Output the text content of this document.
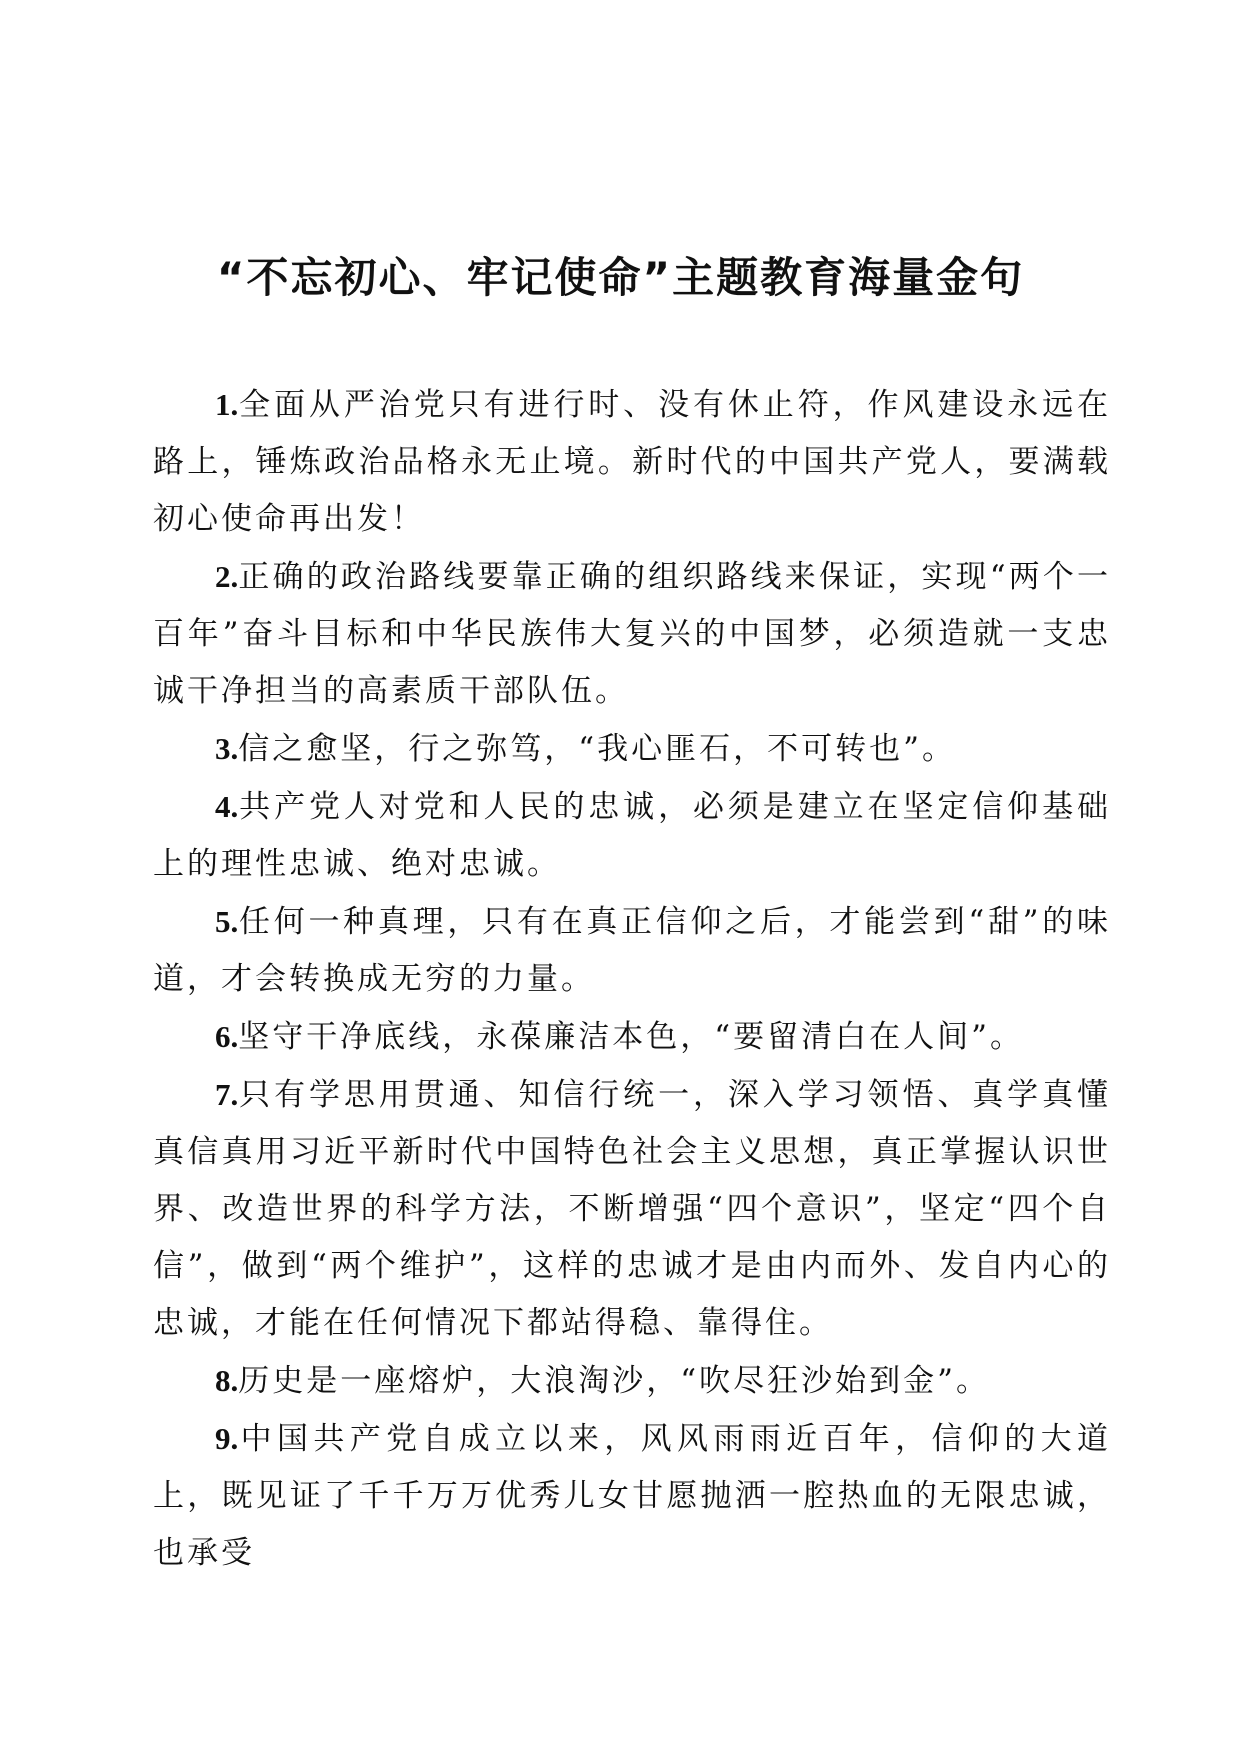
“不忘初心、牢记使命”主题教育海量金句

1.全面从严治党只有进行时、没有休止符，作风建设永远在路上，锤炼政治品格永无止境。新时代的中国共产党人，要满载初心使命再出发！

2.正确的政治路线要靠正确的组织路线来保证，实现“两个一百年”奋斗目标和中华民族伟大复兴的中国梦，必须造就一支忠诚干净担当的高素质干部队伍。

3.信之愈坚，行之弥笃，“我心匪石，不可转也”。

4.共产党人对党和人民的忠诚，必须是建立在坚定信仰基础上的理性忠诚、绝对忠诚。

5.任何一种真理，只有在真正信仰之后，才能尝到“甜”的味道，才会转换成无穷的力量。

6.坚守干净底线，永葆廉洁本色，“要留清白在人间”。

7.只有学思用贯通、知信行统一，深入学习领悟、真学真懂真信真用习近平新时代中国特色社会主义思想，真正掌握认识世界、改造世界的科学方法，不断增强“四个意识”，坚定“四个自信”，做到“两个维护”，这样的忠诚才是由内而外、发自内心的忠诚，才能在任何情况下都站得稳、靠得住。

8.历史是一座熔炉，大浪淘沙，“吹尽狂沙始到金”。

9.中国共产党自成立以来，风风雨雨近百年，信仰的大道上，既见证了千千万万优秀儿女甘愿抛洒一腔热血的无限忠诚，也承受
